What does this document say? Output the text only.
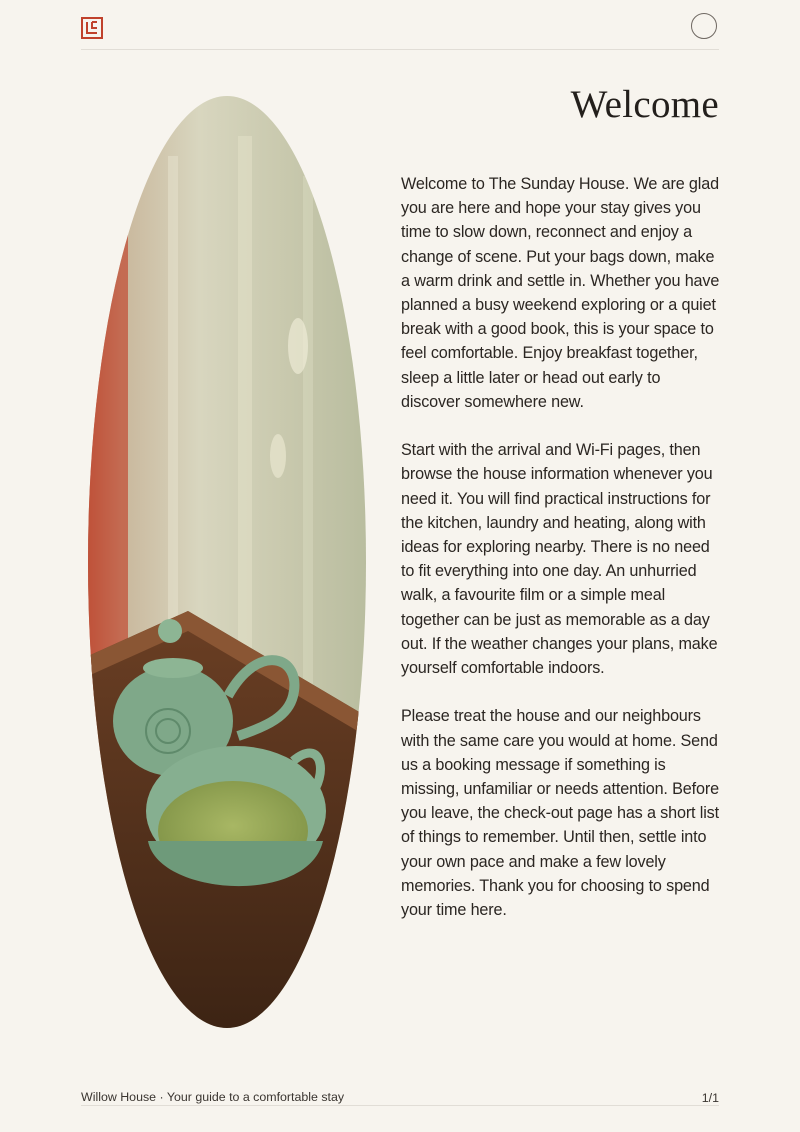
Welcome

Welcome to The Sunday House. We are glad you are here and hope your stay gives you time to slow down, reconnect and enjoy a change of scene. Put your bags down, make a warm drink and settle in. Whether you have planned a busy weekend exploring or a quiet break with a good book, this is your space to feel comfortable. Enjoy breakfast together, sleep a little later or head out early to discover somewhere new.

Start with the arrival and Wi-Fi pages, then browse the house information whenever you need it. You will find practical instructions for the kitchen, laundry and heating, along with ideas for exploring nearby. There is no need to fit everything into one day. An unhurried walk, a favourite film or a simple meal together can be just as memorable as a day out. If the weather changes your plans, make yourself comfortable indoors.

Please treat the house and our neighbours with the same care you would at home. Send us a booking message if something is missing, unfamiliar or needs attention. Before you leave, the check-out page has a short list of things to remember. Until then, settle into your own pace and make a few lovely memories. Thank you for choosing to spend your time here.

Willow House · Your guide to a comfortable stay	1/1
